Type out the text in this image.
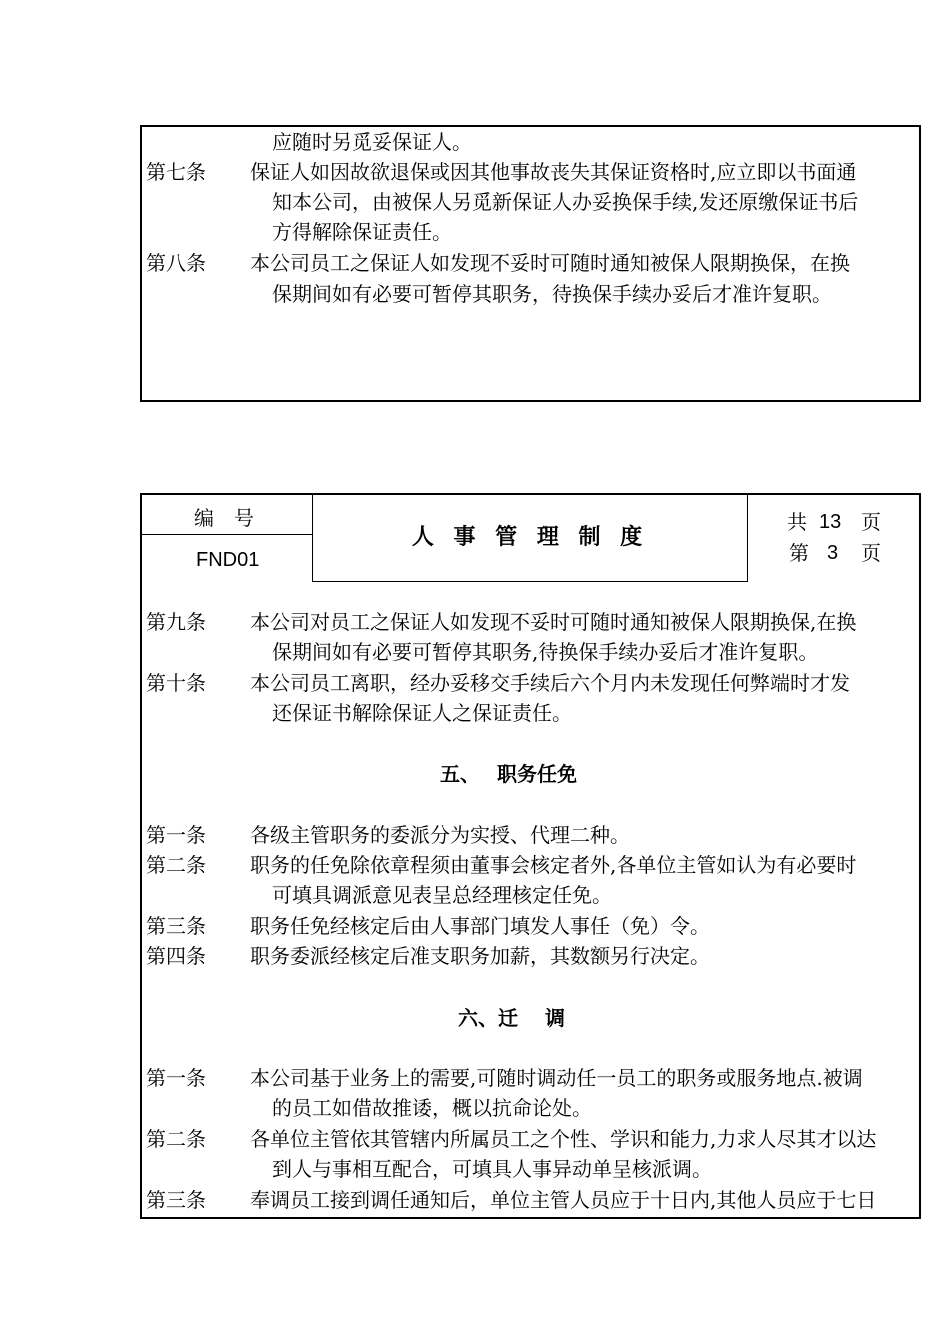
应随时另觅妥保证人。
第七条 保证人如因故欲退保或因其他事故丧失其保证资格时,应立即以书面通
知本公司，由被保人另觅新保证人办妥换保手续,发还原缴保证书后
方得解除保证责任。
第八条 本公司员工之保证人如发现不妥时可随时通知被保人限期换保，在换
保期间如有必要可暂停其职务，待换保手续办妥后才准许复职。
编　号
FND01
人 事 管 理 制 度
共 13 页
第 3 页
第九条 本公司对员工之保证人如发现不妥时可随时通知被保人限期换保,在换
保期间如有必要可暂停其职务,待换保手续办妥后才准许复职。
第十条 本公司员工离职，经办妥移交手续后六个月内未发现任何弊端时才发
还保证书解除保证人之保证责任。
五、　 职务任免
第一条 各级主管职务的委派分为实授、代理二种。
第二条 职务的任免除依章程须由董事会核定者外,各单位主管如认为有必要时
可填具调派意见表呈总经理核定任免。
第三条 职务任免经核定后由人事部门填发人事任（免）令。
第四条 职务委派经核定后准支职务加薪，其数额另行决定。
六、迁　 调
第一条 本公司基于业务上的需要,可随时调动任一员工的职务或服务地点.被调
的员工如借故推诿，概以抗命论处。
第二条 各单位主管依其管辖内所属员工之个性、学识和能力,力求人尽其才以达
到人与事相互配合，可填具人事异动单呈核派调。
第三条 奉调员工接到调任通知后，单位主管人员应于十日内,其他人员应于七日
